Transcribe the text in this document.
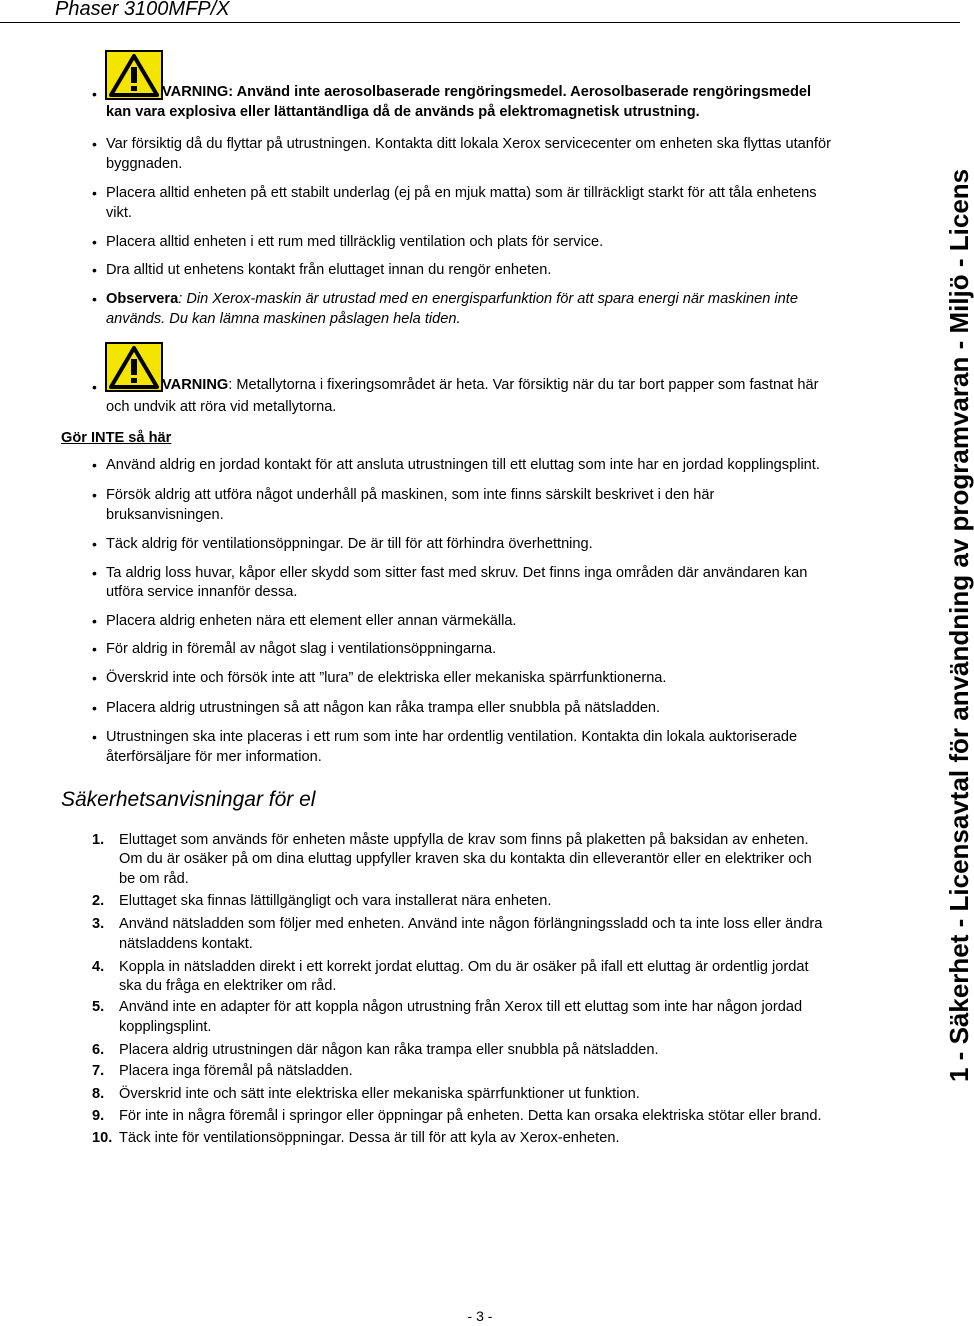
Phaser 3100MFP/X
1 - Säkerhet - Licensavtal för användning av programvaran - Miljö - Licens
•	VARNING: Använd inte aerosolbaserade rengöringsmedel. Aerosolbaserade rengöringsmedel
kan vara explosiva eller lättantändliga då de används på elektromagnetisk utrustning.
• Var försiktig då du flyttar på utrustningen. Kontakta ditt lokala Xerox servicecenter om enheten ska flyttas utanför
byggnaden.
• Placera alltid enheten på ett stabilt underlag (ej på en mjuk matta) som är tillräckligt starkt för att tåla enhetens
vikt.
• Placera alltid enheten i ett rum med tillräcklig ventilation och plats för service.
• Dra alltid ut enhetens kontakt från eluttaget innan du rengör enheten.
• Observera: Din Xerox-maskin är utrustad med en energisparfunktion för att spara energi när maskinen inte
används. Du kan lämna maskinen påslagen hela tiden.
•	VARNING: Metallytorna i fixeringsområdet är heta. Var försiktig när du tar bort papper som fastnat här
och undvik att röra vid metallytorna.
Gör INTE så här
• Använd aldrig en jordad kontakt för att ansluta utrustningen till ett eluttag som inte har en jordad kopplingsplint.
• Försök aldrig att utföra något underhåll på maskinen, som inte finns särskilt beskrivet i den här
bruksanvisningen.
• Täck aldrig för ventilationsöppningar. De är till för att förhindra överhettning.
• Ta aldrig loss huvar, kåpor eller skydd som sitter fast med skruv. Det finns inga områden där användaren kan
utföra service innanför dessa.
• Placera aldrig enheten nära ett element eller annan värmekälla.
• För aldrig in föremål av något slag i ventilationsöppningarna.
• Överskrid inte och försök inte att ”lura” de elektriska eller mekaniska spärrfunktionerna.
• Placera aldrig utrustningen så att någon kan råka trampa eller snubbla på nätsladden.
• Utrustningen ska inte placeras i ett rum som inte har ordentlig ventilation. Kontakta din lokala auktoriserade
återförsäljare för mer information.
Säkerhetsanvisningar för el
1. Eluttaget som används för enheten måste uppfylla de krav som finns på plaketten på baksidan av enheten.
Om du är osäker på om dina eluttag uppfyller kraven ska du kontakta din elleverantör eller en elektriker och
be om råd.
2. Eluttaget ska finnas lättillgängligt och vara installerat nära enheten.
3. Använd nätsladden som följer med enheten. Använd inte någon förlängningssladd och ta inte loss eller ändra
nätsladdens kontakt.
4. Koppla in nätsladden direkt i ett korrekt jordat eluttag. Om du är osäker på ifall ett eluttag är ordentlig jordat
ska du fråga en elektriker om råd.
5. Använd inte en adapter för att koppla någon utrustning från Xerox till ett eluttag som inte har någon jordad
kopplingsplint.
6. Placera aldrig utrustningen där någon kan råka trampa eller snubbla på nätsladden.
7. Placera inga föremål på nätsladden.
8. Överskrid inte och sätt inte elektriska eller mekaniska spärrfunktioner ut funktion.
9. För inte in några föremål i springor eller öppningar på enheten. Detta kan orsaka elektriska stötar eller brand.
10. Täck inte för ventilationsöppningar. Dessa är till för att kyla av Xerox-enheten.
- 3 -
